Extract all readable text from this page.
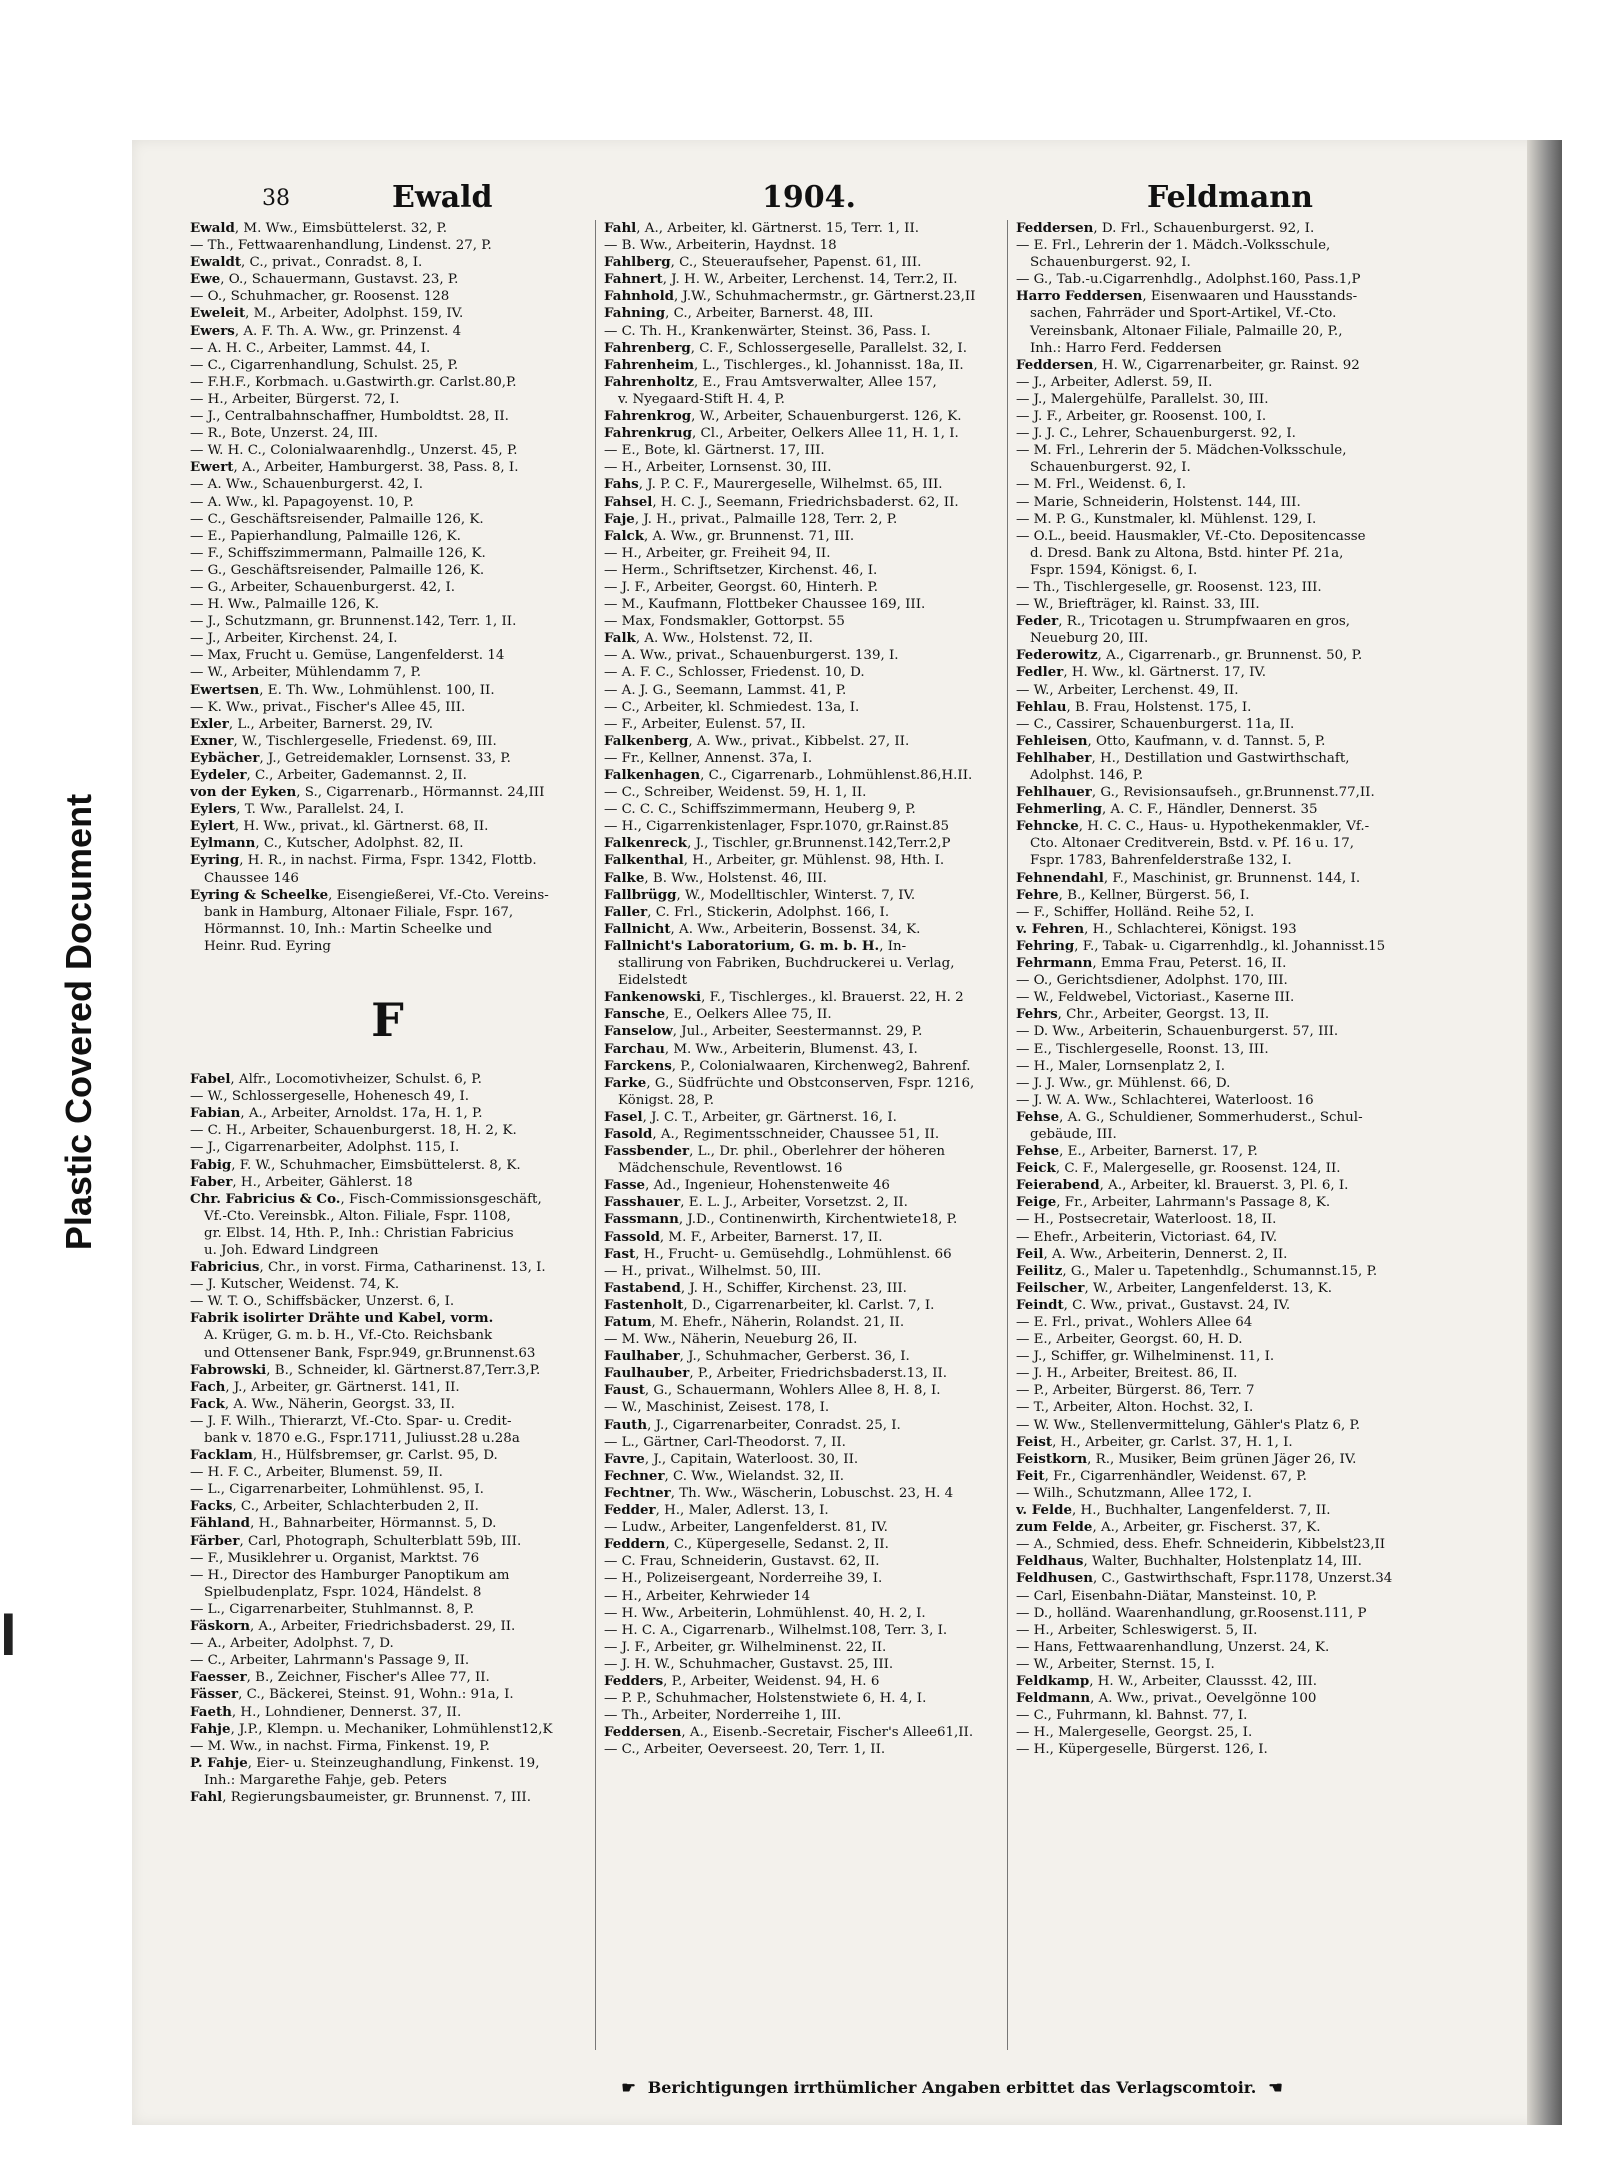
Plastic Covered Document
I
38	Ewald	1904.	Feldmann
Ewald, M. Ww., Eimsbüttelerst. 32, P.
— Th., Fettwaarenhandlung, Lindenst. 27, P.
Ewaldt, C., privat., Conradst. 8, I.
Ewe, O., Schauermann, Gustavst. 23, P.
— O., Schuhmacher, gr. Roosenst. 128
Eweleit, M., Arbeiter, Adolphst. 159, IV.
Ewers, A. F. Th. A. Ww., gr. Prinzenst. 4
— A. H. C., Arbeiter, Lammst. 44, I.
— C., Cigarrenhandlung, Schulst. 25, P.
— F.H.F., Korbmach. u.Gastwirth.gr. Carlst.80,P.
— H., Arbeiter, Bürgerst. 72, I.
— J., Centralbahnschaffner, Humboldtst. 28, II.
— R., Bote, Unzerst. 24, III.
— W. H. C., Colonialwaarenhdlg., Unzerst. 45, P.
Ewert, A., Arbeiter, Hamburgerst. 38, Pass. 8, I.
— A. Ww., Schauenburgerst. 42, I.
— A. Ww., kl. Papagoyenst. 10, P.
— C., Geschäftsreisender, Palmaille 126, K.
— E., Papierhandlung, Palmaille 126, K.
— F., Schiffszimmermann, Palmaille 126, K.
— G., Geschäftsreisender, Palmaille 126, K.
— G., Arbeiter, Schauenburgerst. 42, I.
— H. Ww., Palmaille 126, K.
— J., Schutzmann, gr. Brunnenst.142, Terr. 1, II.
— J., Arbeiter, Kirchenst. 24, I.
— Max, Frucht u. Gemüse, Langenfelderst. 14
— W., Arbeiter, Mühlendamm 7, P.
Ewertsen, E. Th. Ww., Lohmühlenst. 100, II.
— K. Ww., privat., Fischer's Allee 45, III.
Exler, L., Arbeiter, Barnerst. 29, IV.
Exner, W., Tischlergeselle, Friedenst. 69, III.
Eybächer, J., Getreidemakler, Lornsenst. 33, P.
Eydeler, C., Arbeiter, Gademannst. 2, II.
von der Eyken, S., Cigarrenarb., Hörmannst. 24,III
Eylers, T. Ww., Parallelst. 24, I.
Eylert, H. Ww., privat., kl. Gärtnerst. 68, II.
Eylmann, C., Kutscher, Adolphst. 82, II.
Eyring, H. R., in nachst. Firma, Fspr. 1342, Flottb.
Chaussee 146
Eyring & Scheelke, Eisengießerei, Vf.-Cto. Vereins-
bank in Hamburg, Altonaer Filiale, Fspr. 167,
Hörmannst. 10, Inh.: Martin Scheelke und
Heinr. Rud. Eyring
F
Fabel, Alfr., Locomotivheizer, Schulst. 6, P.
— W., Schlossergeselle, Hohenesch 49, I.
Fabian, A., Arbeiter, Arnoldst. 17a, H. 1, P.
— C. H., Arbeiter, Schauenburgerst. 18, H. 2, K.
— J., Cigarrenarbeiter, Adolphst. 115, I.
Fabig, F. W., Schuhmacher, Eimsbüttelerst. 8, K.
Faber, H., Arbeiter, Gählerst. 18
Chr. Fabricius & Co., Fisch-Commissionsgeschäft,
Vf.-Cto. Vereinsbk., Alton. Filiale, Fspr. 1108,
gr. Elbst. 14, Hth. P., Inh.: Christian Fabricius
u. Joh. Edward Lindgreen
Fabricius, Chr., in vorst. Firma, Catharinenst. 13, I.
— J. Kutscher, Weidenst. 74, K.
— W. T. O., Schiffsbäcker, Unzerst. 6, I.
Fabrik isolirter Drähte und Kabel, vorm.
A. Krüger, G. m. b. H., Vf.-Cto. Reichsbank
und Ottensener Bank, Fspr.949, gr.Brunnenst.63
Fabrowski, B., Schneider, kl. Gärtnerst.87,Terr.3,P.
Fach, J., Arbeiter, gr. Gärtnerst. 141, II.
Fack, A. Ww., Näherin, Georgst. 33, II.
— J. F. Wilh., Thierarzt, Vf.-Cto. Spar- u. Credit-
bank v. 1870 e.G., Fspr.1711, Juliusst.28 u.28a
Facklam, H., Hülfsbremser, gr. Carlst. 95, D.
— H. F. C., Arbeiter, Blumenst. 59, II.
— L., Cigarrenarbeiter, Lohmühlenst. 95, I.
Facks, C., Arbeiter, Schlachterbuden 2, II.
Fähland, H., Bahnarbeiter, Hörmannst. 5, D.
Färber, Carl, Photograph, Schulterblatt 59b, III.
— F., Musiklehrer u. Organist, Marktst. 76
— H., Director des Hamburger Panoptikum am
Spielbudenplatz, Fspr. 1024, Händelst. 8
— L., Cigarrenarbeiter, Stuhlmannst. 8, P.
Fäskorn, A., Arbeiter, Friedrichsbaderst. 29, II.
— A., Arbeiter, Adolphst. 7, D.
— C., Arbeiter, Lahrmann's Passage 9, II.
Faesser, B., Zeichner, Fischer's Allee 77, II.
Fässer, C., Bäckerei, Steinst. 91, Wohn.: 91a, I.
Faeth, H., Lohndiener, Dennerst. 37, II.
Fahje, J.P., Klempn. u. Mechaniker, Lohmühlenst12,K
— M. Ww., in nachst. Firma, Finkenst. 19, P.
P. Fahje, Eier- u. Steinzeughandlung, Finkenst. 19,
Inh.: Margarethe Fahje, geb. Peters
Fahl, Regierungsbaumeister, gr. Brunnenst. 7, III.
Fahl, A., Arbeiter, kl. Gärtnerst. 15, Terr. 1, II.
— B. Ww., Arbeiterin, Haydnst. 18
Fahlberg, C., Steueraufseher, Papenst. 61, III.
Fahnert, J. H. W., Arbeiter, Lerchenst. 14, Terr.2, II.
Fahnhold, J.W., Schuhmachermstr., gr. Gärtnerst.23,II
Fahning, C., Arbeiter, Barnerst. 48, III.
— C. Th. H., Krankenwärter, Steinst. 36, Pass. I.
Fahrenberg, C. F., Schlossergeselle, Parallelst. 32, I.
Fahrenheim, L., Tischlerges., kl. Johannisst. 18a, II.
Fahrenholtz, E., Frau Amtsverwalter, Allee 157,
v. Nyegaard-Stift H. 4, P.
Fahrenkrog, W., Arbeiter, Schauenburgerst. 126, K.
Fahrenkrug, Cl., Arbeiter, Oelkers Allee 11, H. 1, I.
— E., Bote, kl. Gärtnerst. 17, III.
— H., Arbeiter, Lornsenst. 30, III.
Fahs, J. P. C. F., Maurergeselle, Wilhelmst. 65, III.
Fahsel, H. C. J., Seemann, Friedrichsbaderst. 62, II.
Faje, J. H., privat., Palmaille 128, Terr. 2, P.
Falck, A. Ww., gr. Brunnenst. 71, III.
— H., Arbeiter, gr. Freiheit 94, II.
— Herm., Schriftsetzer, Kirchenst. 46, I.
— J. F., Arbeiter, Georgst. 60, Hinterh. P.
— M., Kaufmann, Flottbeker Chaussee 169, III.
— Max, Fondsmakler, Gottorpst. 55
Falk, A. Ww., Holstenst. 72, II.
— A. Ww., privat., Schauenburgerst. 139, I.
— A. F. C., Schlosser, Friedenst. 10, D.
— A. J. G., Seemann, Lammst. 41, P.
— C., Arbeiter, kl. Schmiedest. 13a, I.
— F., Arbeiter, Eulenst. 57, II.
Falkenberg, A. Ww., privat., Kibbelst. 27, II.
— Fr., Kellner, Annenst. 37a, I.
Falkenhagen, C., Cigarrenarb., Lohmühlenst.86,H.II.
— C., Schreiber, Weidenst. 59, H. 1, II.
— C. C. C., Schiffszimmermann, Heuberg 9, P.
— H., Cigarrenkistenlager, Fspr.1070, gr.Rainst.85
Falkenreck, J., Tischler, gr.Brunnenst.142,Terr.2,P
Falkenthal, H., Arbeiter, gr. Mühlenst. 98, Hth. I.
Falke, B. Ww., Holstenst. 46, III.
Fallbrügg, W., Modelltischler, Winterst. 7, IV.
Faller, C. Frl., Stickerin, Adolphst. 166, I.
Fallnicht, A. Ww., Arbeiterin, Bossenst. 34, K.
Fallnicht's Laboratorium, G. m. b. H., In-
stallirung von Fabriken, Buchdruckerei u. Verlag,
Eidelstedt
Fankenowski, F., Tischlerges., kl. Brauerst. 22, H. 2
Fansche, E., Oelkers Allee 75, II.
Fanselow, Jul., Arbeiter, Seestermannst. 29, P.
Farchau, M. Ww., Arbeiterin, Blumenst. 43, I.
Farckens, P., Colonialwaaren, Kirchenweg2, Bahrenf.
Farke, G., Südfrüchte und Obstconserven, Fspr. 1216,
Königst. 28, P.
Fasel, J. C. T., Arbeiter, gr. Gärtnerst. 16, I.
Fasold, A., Regimentsschneider, Chaussee 51, II.
Fassbender, L., Dr. phil., Oberlehrer der höheren
Mädchenschule, Reventlowst. 16
Fasse, Ad., Ingenieur, Hohenstenweite 46
Fasshauer, E. L. J., Arbeiter, Vorsetzst. 2, II.
Fassmann, J.D., Continenwirth, Kirchentwiete18, P.
Fassold, M. F., Arbeiter, Barnerst. 17, II.
Fast, H., Frucht- u. Gemüsehdlg., Lohmühlenst. 66
— H., privat., Wilhelmst. 50, III.
Fastabend, J. H., Schiffer, Kirchenst. 23, III.
Fastenholt, D., Cigarrenarbeiter, kl. Carlst. 7, I.
Fatum, M. Ehefr., Näherin, Rolandst. 21, II.
— M. Ww., Näherin, Neueburg 26, II.
Faulhaber, J., Schuhmacher, Gerberst. 36, I.
Faulhauber, P., Arbeiter, Friedrichsbaderst.13, II.
Faust, G., Schauermann, Wohlers Allee 8, H. 8, I.
— W., Maschinist, Zeisest. 178, I.
Fauth, J., Cigarrenarbeiter, Conradst. 25, I.
— L., Gärtner, Carl-Theodorst. 7, II.
Favre, J., Capitain, Waterloost. 30, II.
Fechner, C. Ww., Wielandst. 32, II.
Fechtner, Th. Ww., Wäscherin, Lobuschst. 23, H. 4
Fedder, H., Maler, Adlerst. 13, I.
— Ludw., Arbeiter, Langenfelderst. 81, IV.
Feddern, C., Küpergeselle, Sedanst. 2, II.
— C. Frau, Schneiderin, Gustavst. 62, II.
— H., Polizeisergeant, Norderreihe 39, I.
— H., Arbeiter, Kehrwieder 14
— H. Ww., Arbeiterin, Lohmühlenst. 40, H. 2, I.
— H. C. A., Cigarrenarb., Wilhelmst.108, Terr. 3, I.
— J. F., Arbeiter, gr. Wilhelminenst. 22, II.
— J. H. W., Schuhmacher, Gustavst. 25, III.
Fedders, P., Arbeiter, Weidenst. 94, H. 6
— P. P., Schuhmacher, Holstenstwiete 6, H. 4, I.
— Th., Arbeiter, Norderreihe 1, III.
Feddersen, A., Eisenb.-Secretair, Fischer's Allee61,II.
— C., Arbeiter, Oeverseest. 20, Terr. 1, II.
Feddersen, D. Frl., Schauenburgerst. 92, I.
— E. Frl., Lehrerin der 1. Mädch.-Volksschule,
Schauenburgerst. 92, I.
— G., Tab.-u.Cigarrenhdlg., Adolphst.160, Pass.1,P
Harro Feddersen, Eisenwaaren und Hausstands-
sachen, Fahrräder und Sport-Artikel, Vf.-Cto.
Vereinsbank, Altonaer Filiale, Palmaille 20, P.,
Inh.: Harro Ferd. Feddersen
Feddersen, H. W., Cigarrenarbeiter, gr. Rainst. 92
— J., Arbeiter, Adlerst. 59, II.
— J., Malergehülfe, Parallelst. 30, III.
— J. F., Arbeiter, gr. Roosenst. 100, I.
— J. J. C., Lehrer, Schauenburgerst. 92, I.
— M. Frl., Lehrerin der 5. Mädchen-Volksschule,
Schauenburgerst. 92, I.
— M. Frl., Weidenst. 6, I.
— Marie, Schneiderin, Holstenst. 144, III.
— M. P. G., Kunstmaler, kl. Mühlenst. 129, I.
— O.L., beeid. Hausmakler, Vf.-Cto. Depositencasse
d. Dresd. Bank zu Altona, Bstd. hinter Pf. 21a,
Fspr. 1594, Königst. 6, I.
— Th., Tischlergeselle, gr. Roosenst. 123, III.
— W., Briefträger, kl. Rainst. 33, III.
Feder, R., Tricotagen u. Strumpfwaaren en gros,
Neueburg 20, III.
Federowitz, A., Cigarrenarb., gr. Brunnenst. 50, P.
Fedler, H. Ww., kl. Gärtnerst. 17, IV.
— W., Arbeiter, Lerchenst. 49, II.
Fehlau, B. Frau, Holstenst. 175, I.
— C., Cassirer, Schauenburgerst. 11a, II.
Fehleisen, Otto, Kaufmann, v. d. Tannst. 5, P.
Fehlhaber, H., Destillation und Gastwirthschaft,
Adolphst. 146, P.
Fehlhauer, G., Revisionsaufseh., gr.Brunnenst.77,II.
Fehmerling, A. C. F., Händler, Dennerst. 35
Fehncke, H. C. C., Haus- u. Hypothekenmakler, Vf.-
Cto. Altonaer Creditverein, Bstd. v. Pf. 16 u. 17,
Fspr. 1783, Bahrenfelderstraße 132, I.
Fehnendahl, F., Maschinist, gr. Brunnenst. 144, I.
Fehre, B., Kellner, Bürgerst. 56, I.
— F., Schiffer, Holländ. Reihe 52, I.
v. Fehren, H., Schlachterei, Königst. 193
Fehring, F., Tabak- u. Cigarrenhdlg., kl. Johannisst.15
Fehrmann, Emma Frau, Peterst. 16, II.
— O., Gerichtsdiener, Adolphst. 170, III.
— W., Feldwebel, Victoriast., Kaserne III.
Fehrs, Chr., Arbeiter, Georgst. 13, II.
— D. Ww., Arbeiterin, Schauenburgerst. 57, III.
— E., Tischlergeselle, Roonst. 13, III.
— H., Maler, Lornsenplatz 2, I.
— J. J. Ww., gr. Mühlenst. 66, D.
— J. W. A. Ww., Schlachterei, Waterloost. 16
Fehse, A. G., Schuldiener, Sommerhuderst., Schul-
gebäude, III.
Fehse, E., Arbeiter, Barnerst. 17, P.
Feick, C. F., Malergeselle, gr. Roosenst. 124, II.
Feierabend, A., Arbeiter, kl. Brauerst. 3, Pl. 6, I.
Feige, Fr., Arbeiter, Lahrmann's Passage 8, K.
— H., Postsecretair, Waterloost. 18, II.
— Ehefr., Arbeiterin, Victoriast. 64, IV.
Feil, A. Ww., Arbeiterin, Dennerst. 2, II.
Feilitz, G., Maler u. Tapetenhdlg., Schumannst.15, P.
Feilscher, W., Arbeiter, Langenfelderst. 13, K.
Feindt, C. Ww., privat., Gustavst. 24, IV.
— E. Frl., privat., Wohlers Allee 64
— E., Arbeiter, Georgst. 60, H. D.
— J., Schiffer, gr. Wilhelminenst. 11, I.
— J. H., Arbeiter, Breitest. 86, II.
— P., Arbeiter, Bürgerst. 86, Terr. 7
— T., Arbeiter, Alton. Hochst. 32, I.
— W. Ww., Stellenvermittelung, Gähler's Platz 6, P.
Feist, H., Arbeiter, gr. Carlst. 37, H. 1, I.
Feistkorn, R., Musiker, Beim grünen Jäger 26, IV.
Feit, Fr., Cigarrenhändler, Weidenst. 67, P.
— Wilh., Schutzmann, Allee 172, I.
v. Felde, H., Buchhalter, Langenfelderst. 7, II.
zum Felde, A., Arbeiter, gr. Fischerst. 37, K.
— A., Schmied, dess. Ehefr. Schneiderin, Kibbelst23,II
Feldhaus, Walter, Buchhalter, Holstenplatz 14, III.
Feldhusen, C., Gastwirthschaft, Fspr.1178, Unzerst.34
— Carl, Eisenbahn-Diätar, Mansteinst. 10, P.
— D., holländ. Waarenhandlung, gr.Roosenst.111, P
— H., Arbeiter, Schleswigerst. 5, II.
— Hans, Fettwaarenhandlung, Unzerst. 24, K.
— W., Arbeiter, Sternst. 15, I.
Feldkamp, H. W., Arbeiter, Claussst. 42, III.
Feldmann, A. Ww., privat., Oevelgönne 100
— C., Fuhrmann, kl. Bahnst. 77, I.
— H., Malergeselle, Georgst. 25, I.
— H., Küpergeselle, Bürgerst. 126, I.
☛ Berichtigungen irrthümlicher Angaben erbittet das Verlagscomtoir. ☚
